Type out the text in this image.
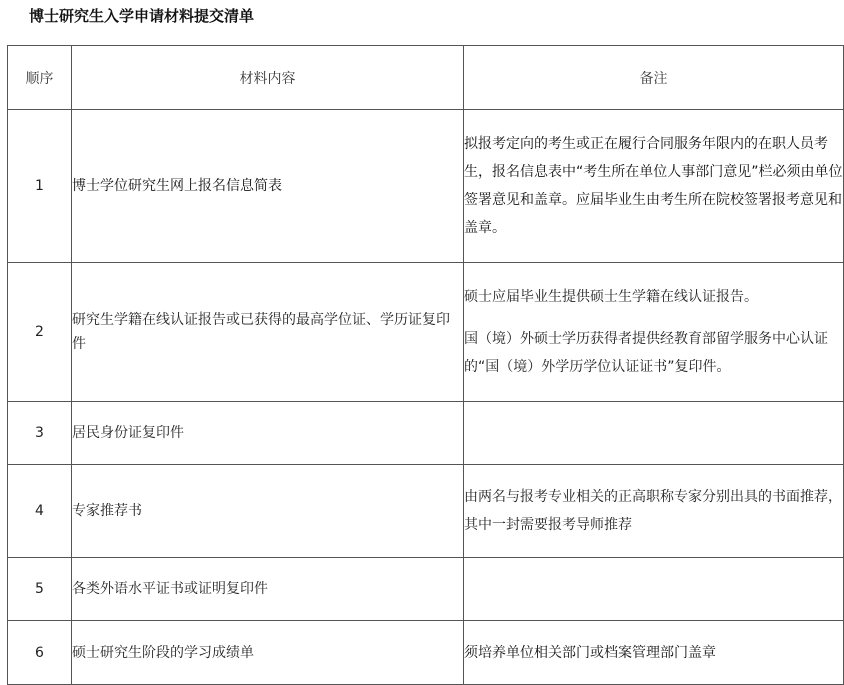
博士研究生入学申请材料提交清单
顺序	材料内容	备注
1	博士学位研究生网上报名信息简表	拟报考定向的考生或正在履行合同服务年限内的在职人员考生，报名信息表中“考生所在单位人事部门意见”栏必须由单位签署意见和盖章。应届毕业生由考生所在院校签署报考意见和盖章。

2	研究生学籍在线认证报告或已获得的最高学位证、学历证复印件	硕士应届毕业生提供硕士生学籍在线认证报告。
国（境）外硕士学历获得者提供经教育部留学服务中心认证的“国（境）外学历学位认证证书”复印件。

3	居民身份证复印件	
4	专家推荐书	由两名与报考专业相关的正高职称专家分别出具的书面推荐，其中一封需要报考导师推荐

5	各类外语水平证书或证明复印件	
6	硕士研究生阶段的学习成绩单	须培养单位相关部门或档案管理部门盖章
